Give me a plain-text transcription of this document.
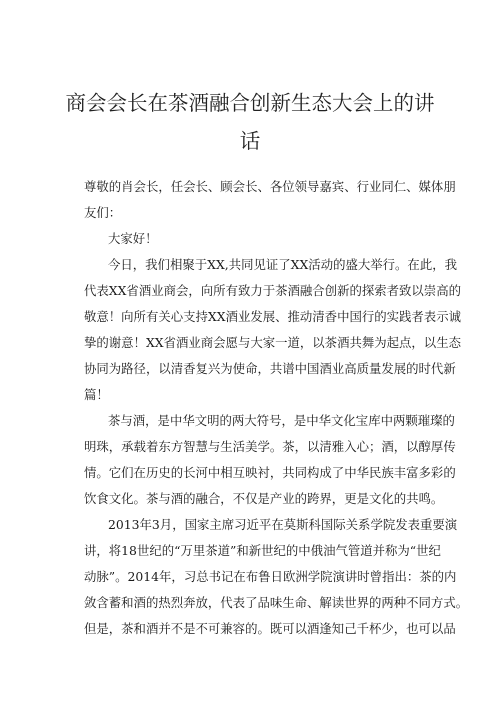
商会会长在茶酒融合创新生态大会上的讲
话
尊敬的肖会长，任会长、顾会长、各位领导嘉宾、行业同仁、媒体朋
友们：
大家好！
今日，我们相聚于XX,共同见证了XX活动的盛大举行。在此，我
代表XX省酒业商会，向所有致力于茶酒融合创新的探索者致以崇高的
敬意！向所有关心支持XX酒业发展、推动清香中国行的实践者表示诚
挚的谢意！XX省酒业商会愿与大家一道，以茶酒共舞为起点，以生态
协同为路径，以清香复兴为使命，共谱中国酒业高质量发展的时代新
篇！
茶与酒，是中华文明的两大符号，是中华文化宝库中两颗璀璨的
明珠，承载着东方智慧与生活美学。茶，以清雅入心；酒，以醇厚传
情。它们在历史的长河中相互映衬，共同构成了中华民族丰富多彩的
饮食文化。茶与酒的融合，不仅是产业的跨界，更是文化的共鸣。
2013年3月，国家主席习近平在莫斯科国际关系学院发表重要演
讲，将18世纪的“万里茶道”和新世纪的中俄油气管道并称为“世纪
动脉”。2014年，习总书记在布鲁日欧洲学院演讲时曾指出：茶的内
敛含蓄和酒的热烈奔放，代表了品味生命、解读世界的两种不同方式。
但是，茶和酒并不是不可兼容的。既可以酒逢知己千杯少，也可以品
